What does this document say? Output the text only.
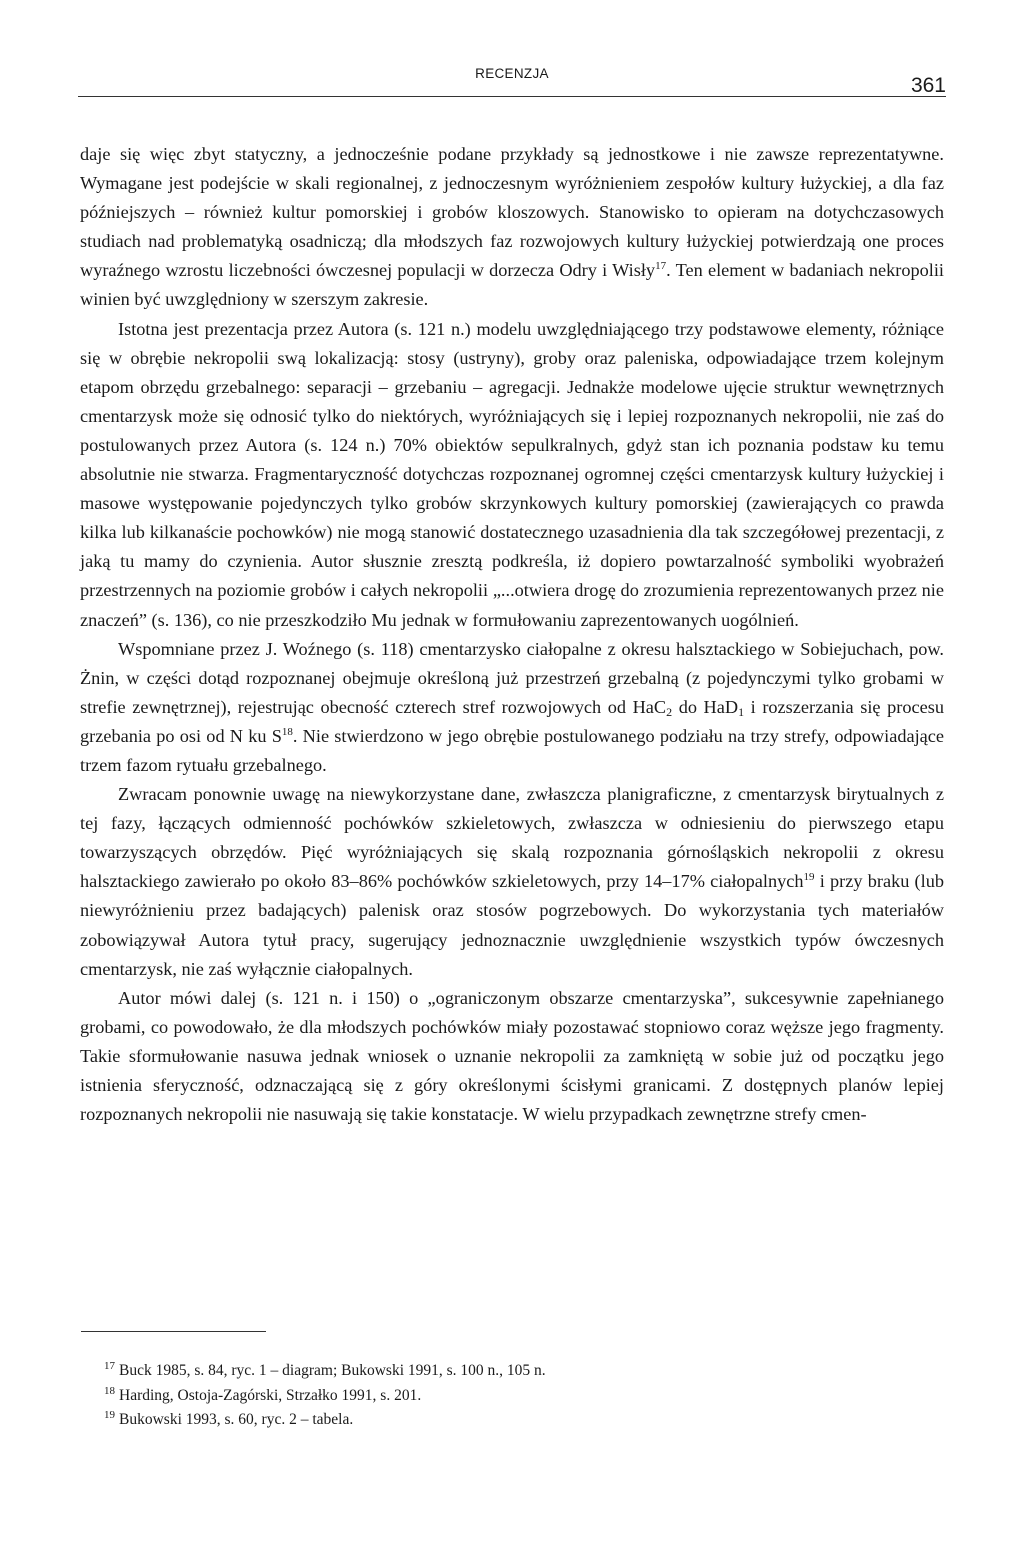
RECENZJA
361

daje się więc zbyt statyczny, a jednocześnie podane przykłady są jednostkowe i nie zawsze reprezentatywne. Wymagane jest podejście w skali regionalnej, z jednoczesnym wyróżnieniem zespołów kultury łużyckiej, a dla faz późniejszych – również kultur pomorskiej i grobów kloszowych. Stanowisko to opieram na dotychczasowych studiach nad problematyką osadniczą; dla młodszych faz rozwojowych kultury łużyckiej potwierdzają one proces wyraźnego wzrostu liczebności ówczesnej populacji w dorzecza Odry i Wisły$^{17}$. Ten element w badaniach nekropolii winien być uwzględniony w szerszym zakresie.

Istotna jest prezentacja przez Autora (s. 121 n.) modelu uwzględniającego trzy podstawowe elementy, różniące się w obrębie nekropolii swą lokalizacją: stosy (ustryny), groby oraz paleniska, odpowiadające trzem kolejnym etapom obrzędu grzebalnego: separacji – grzebaniu – agregacji. Jednakże modelowe ujęcie struktur wewnętrznych cmentarzysk może się odnosić tylko do niektórych, wyróżniających się i lepiej rozpoznanych nekropolii, nie zaś do postulowanych przez Autora (s. 124 n.) 70% obiektów sepulkralnych, gdyż stan ich poznania podstaw ku temu absolutnie nie stwarza. Fragmentaryczność dotychczas rozpoznanej ogromnej części cmentarzysk kultury łużyckiej i masowe występowanie pojedynczych tylko grobów skrzynkowych kultury pomorskiej (zawierających co prawda kilka lub kilkanaście pochowków) nie mogą stanowić dostatecznego uzasadnienia dla tak szczegółowej prezentacji, z jaką tu mamy do czynienia. Autor słusznie zresztą podkreśla, iż dopiero powtarzalność symboliki wyobrażeń przestrzennych na poziomie grobów i całych nekropolii „...otwiera drogę do zrozumienia reprezentowanych przez nie znaczeń” (s. 136), co nie przeszkodziło Mu jednak w formułowaniu zaprezentowanych uogólnień.

Wspomniane przez J. Woźnego (s. 118) cmentarzysko ciałopalne z okresu halsztackiego w Sobiejuchach, pow. Żnin, w części dotąd rozpoznanej obejmuje określoną już przestrzeń grzebalną (z pojedynczymi tylko grobami w strefie zewnętrznej), rejestrując obecność czterech stref rozwojowych od HaC$_2$ do HaD$_1$ i rozszerzania się procesu grzebania po osi od N ku $S^{18}$. Nie stwierdzono w jego obrębie postulowanego podziału na trzy strefy, odpowiadające trzem fazom rytuału grzebalnego.

Zwracam ponownie uwagę na niewykorzystane dane, zwłaszcza planigraficzne, z cmentarzysk birytualnych z tej fazy, łączących odmienność pochówków szkieletowych, zwłaszcza w odniesieniu do pierwszego etapu towarzyszących obrzędów. Pięć wyróżniających się skalą rozpoznania górnośląskich nekropolii z okresu halsztackiego zawierało po około 83–86% pochówków szkieletowych, przy 14–17% ciałopalnych$^{19}$ i przy braku (lub niewyróżnieniu przez badających) palenisk oraz stosów pogrzebowych. Do wykorzystania tych materiałów zobowiązywał Autora tytuł pracy, sugerujący jednoznacznie uwzględnienie wszystkich typów ówczesnych cmentarzysk, nie zaś wyłącznie ciałopalnych.

Autor mówi dalej (s. 121 n. i 150) o „ograniczonym obszarze cmentarzyska”, sukcesywnie zapełnianego grobami, co powodowało, że dla młodszych pochówków miały pozostawać stopniowo coraz węższe jego fragmenty. Takie sformułowanie nasuwa jednak wniosek o uznanie nekropolii za zamkniętą w sobie już od początku jego istnienia sferyczność, odznaczającą się z góry określonymi ścisłymi granicami. Z dostępnych planów lepiej rozpoznanych nekropolii nie nasuwają się takie konstatacje. W wielu przypadkach zewnętrzne strefy cmen-

$^{17}$ Buck 1985, s. 84, ryc. 1 – diagram; Bukowski 1991, s. 100 n., 105 n.

$^{18}$ Harding, Ostoja-Zagórski, Strzałko 1991, s. 201.

$^{19}$ Bukowski 1993, s. 60, ryc. 2 – tabela.
